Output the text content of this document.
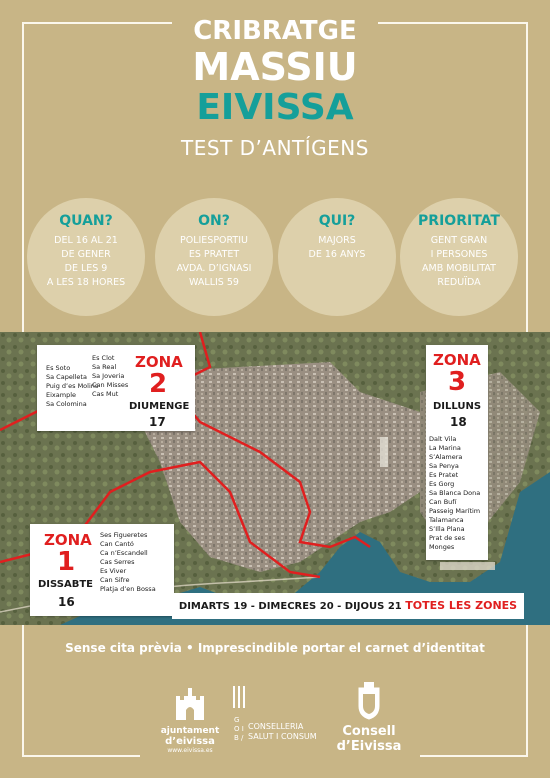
CRIBRATGE
MASSIU
EIVISSA
TEST D’ANTÍGENS
QUAN?
DEL 16 AL 21
DE GENER
DE LES 9
A LES 18 HORES
ON?
POLIESPORTIU
ES PRATET
AVDA. D’IGNASI
WALLIS 59
QUI?
MAJORS
DE 16 ANYS
PRIORITAT
GENT GRAN
I PERSONES
AMB MOBILITAT
REDUÏDA
Es Soto
Sa Capelleta
Puig d’es Molins
Eixample
Sa Colomina
Es Clot
Sa Real
Sa Joveria
Can Misses
Cas Mut
ZONA
2
DIUMENGE
17
ZONA
3
DILLUNS
18
Dalt Vila
La Marina
S’Alamera
Sa Penya
Es Pratet
Es Gorg
Sa Blanca Dona
Can Bufí
Passeig Marítim
Talamanca
S’Illa Plana
Prat de ses Monges
ZONA
1
DISSABTE
16
Ses Figueretes
Can Cantó
Ca n’Escandell
Cas Serres
Es Viver
Can Sifre
Platja d’en Bossa
DIMARTS 19 - DIMECRES 20 - DIJOUS 21 TOTES LES ZONES
Sense cita prèvia • Imprescindible portar el carnet d’identitat
ajuntament
d’eivissa
www.eivissa.es
G O I B /
CONSELLERIA
SALUT I CONSUM	Consell
d’Eivissa
